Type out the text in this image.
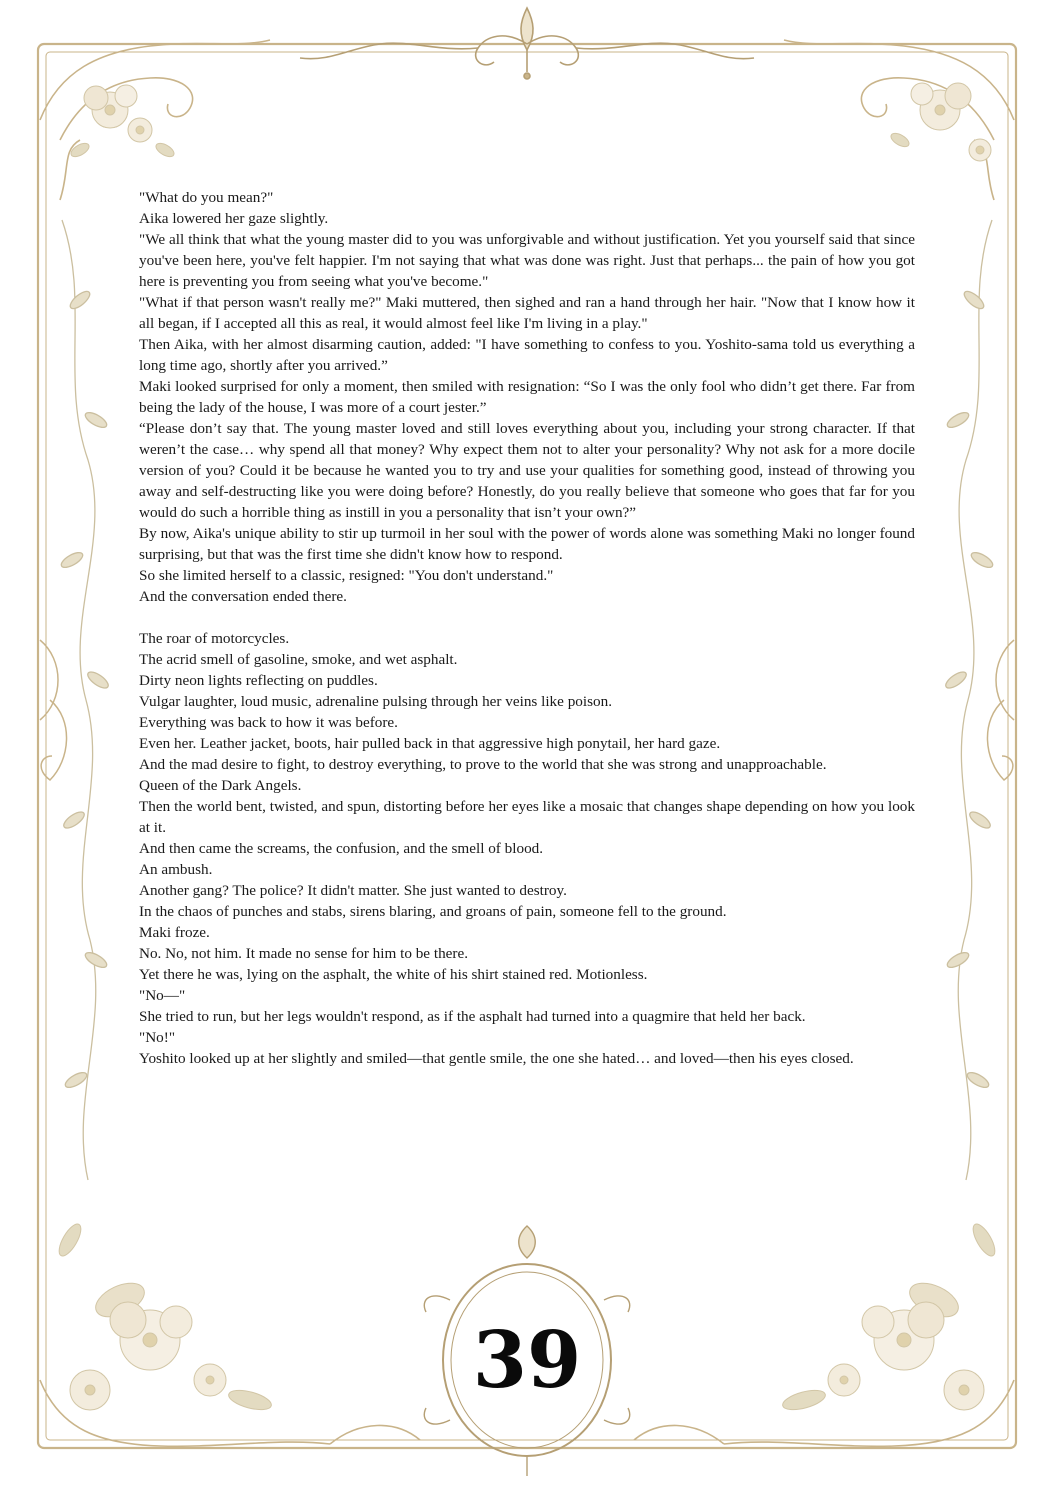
"What do you mean?"

Aika lowered her gaze slightly.

"We all think that what the young master did to you was unforgivable and without justification. Yet you yourself said that since you've been here, you've felt happier. I'm not saying that what was done was right. Just that perhaps... the pain of how you got here is preventing you from seeing what you've become."

"What if that person wasn't really me?" Maki muttered, then sighed and ran a hand through her hair. "Now that I know how it all began, if I accepted all this as real, it would almost feel like I'm living in a play."

Then Aika, with her almost disarming caution, added: "I have something to confess to you. Yoshito-sama told us everything a long time ago, shortly after you arrived.”

Maki looked surprised for only a moment, then smiled with resignation: “So I was the only fool who didn’t get there. Far from being the lady of the house, I was more of a court jester.”

“Please don’t say that. The young master loved and still loves everything about you, including your strong character. If that weren’t the case… why spend all that money? Why expect them not to alter your personality? Why not ask for a more docile version of you? Could it be because he wanted you to try and use your qualities for something good, instead of throwing you away and self-destructing like you were doing before? Honestly, do you really believe that someone who goes that far for you would do such a horrible thing as instill in you a personality that isn’t your own?”

By now, Aika's unique ability to stir up turmoil in her soul with the power of words alone was something Maki no longer found surprising, but that was the first time she didn't know how to respond.

So she limited herself to a classic, resigned: "You don't understand."

And the conversation ended there.

The roar of motorcycles.

The acrid smell of gasoline, smoke, and wet asphalt.

Dirty neon lights reflecting on puddles.

Vulgar laughter, loud music, adrenaline pulsing through her veins like poison.

Everything was back to how it was before.

Even her. Leather jacket, boots, hair pulled back in that aggressive high ponytail, her hard gaze.

And the mad desire to fight, to destroy everything, to prove to the world that she was strong and unapproachable.

Queen of the Dark Angels.

Then the world bent, twisted, and spun, distorting before her eyes like a mosaic that changes shape depending on how you look at it.

And then came the screams, the confusion, and the smell of blood.

An ambush.

Another gang? The police? It didn't matter. She just wanted to destroy.

In the chaos of punches and stabs, sirens blaring, and groans of pain, someone fell to the ground.

Maki froze.

No. No, not him. It made no sense for him to be there.

Yet there he was, lying on the asphalt, the white of his shirt stained red. Motionless.

"No—"

She tried to run, but her legs wouldn't respond, as if the asphalt had turned into a quagmire that held her back.

"No!"

Yoshito looked up at her slightly and smiled—that gentle smile, the one she hated… and loved—then his eyes closed.

39
